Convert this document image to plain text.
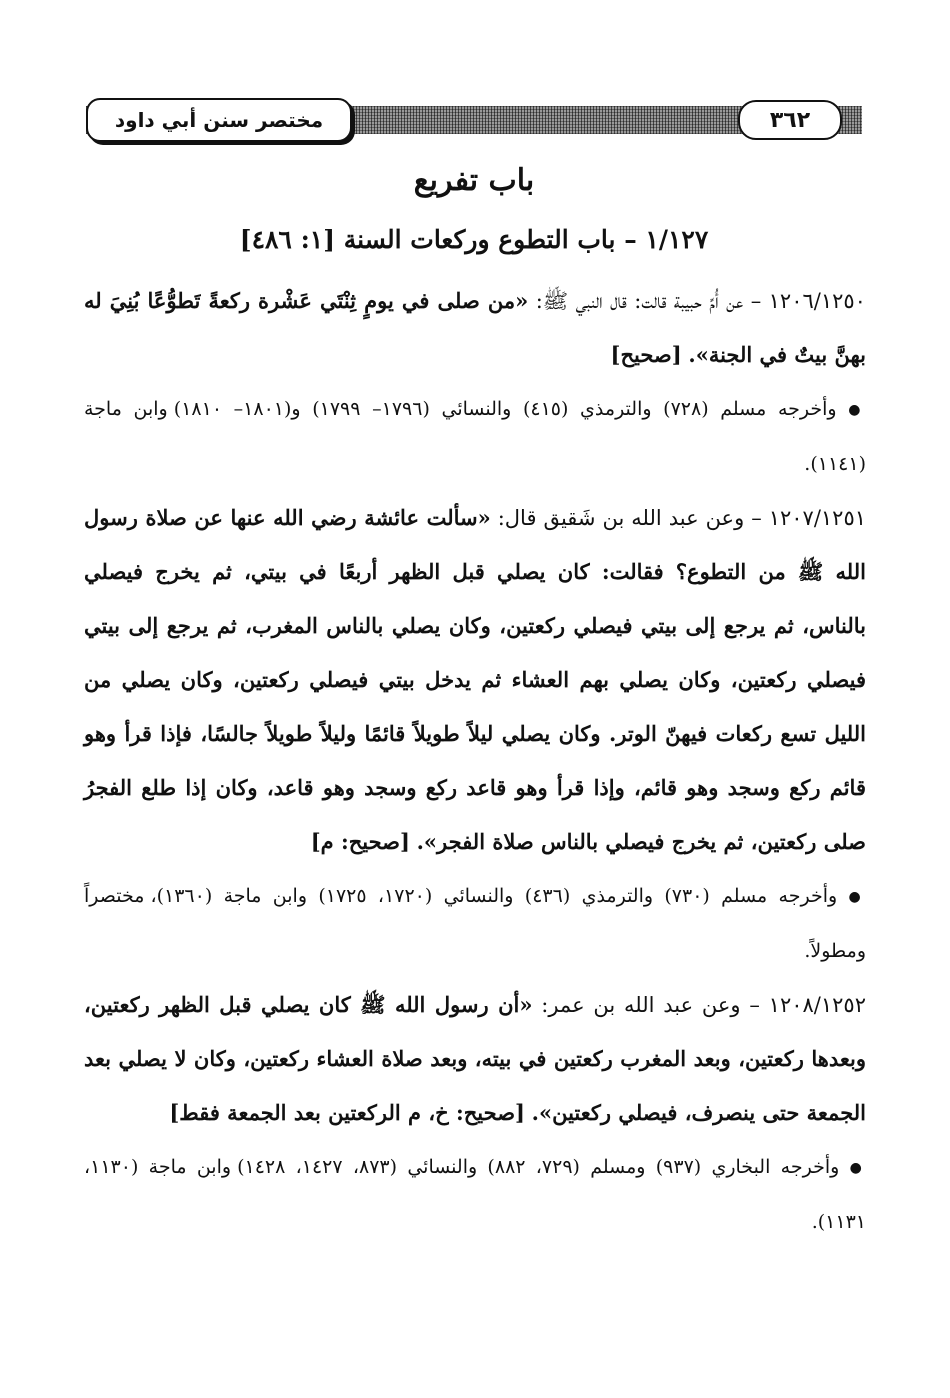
مختصر سنن أبي داود	٣٦٢
باب تفريع
١/١٢٧ – باب التطوع وركعات السنة [١: ٤٨٦]

١٢٠٦/١٢٥٠ – عن أُمِّ حبيبة قالت: قال النبي ﷺ: «من صلى في يومٍ ثِنْتَي عَشْرة ركعةً تَطوُّعًا بُنِيَ له بهنَّ بيتٌ في الجنة». [صحيح]

● وأخرجه مسلم (٧٢٨) والترمذي (٤١٥) والنسائي (١٧٩٦– ١٧٩٩) و(١٨٠١– ١٨١٠) وابن ماجة (١١٤١).

١٢٠٧/١٢٥١ – وعن عبد الله بن شَقيق قال: «سألت عائشة رضي الله عنها عن صلاة رسول الله ﷺ من التطوع؟ فقالت: كان يصلي قبل الظهر أربعًا في بيتي، ثم يخرج فيصلي بالناس، ثم يرجع إلى بيتي فيصلي ركعتين، وكان يصلي بالناس المغرب، ثم يرجع إلى بيتي فيصلي ركعتين، وكان يصلي بهم العشاء ثم يدخل بيتي فيصلي ركعتين، وكان يصلي من الليل تسع ركعات فيهنّ الوتر. وكان يصلي ليلاً طويلاً قائمًا وليلاً طويلاً جالسًا، فإذا قرأ وهو قائم ركع وسجد وهو قائم، وإذا قرأ وهو قاعد ركع وسجد وهو قاعد، وكان إذا طلع الفجرُ صلى ركعتين، ثم يخرج فيصلي بالناس صلاة الفجر». [صحيح: م]

● وأخرجه مسلم (٧٣٠) والترمذي (٤٣٦) والنسائي (١٧٢٠، ١٧٢٥) وابن ماجة (١٣٦٠)، مختصراً ومطولاً.

١٢٠٨/١٢٥٢ – وعن عبد الله بن عمر: «أن رسول الله ﷺ كان يصلي قبل الظهر ركعتين، وبعدها ركعتين، وبعد المغرب ركعتين في بيته، وبعد صلاة العشاء ركعتين، وكان لا يصلي بعد الجمعة حتى ينصرف، فيصلي ركعتين». [صحيح: خ، م الركعتين بعد الجمعة فقط]

● وأخرجه البخاري (٩٣٧) ومسلم (٧٢٩، ٨٨٢) والنسائي (٨٧٣، ١٤٢٧، ١٤٢٨) وابن ماجة (١١٣٠، ١١٣١).
